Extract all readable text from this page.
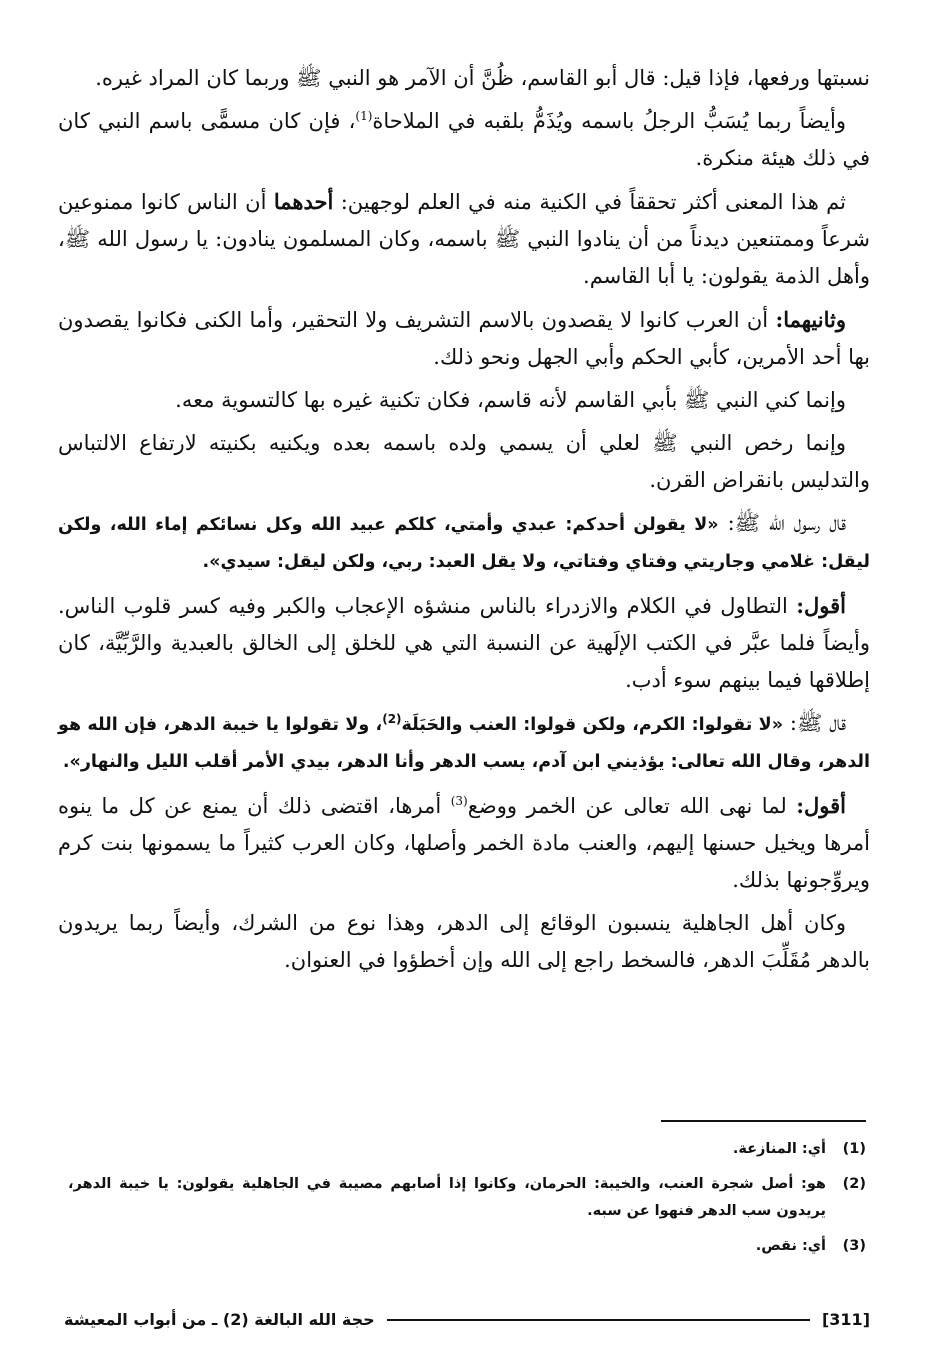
نسبتها ورفعها، فإذا قيل: قال أبو القاسم، ظُنَّ أن الآمر هو النبي ﷺ وربما كان المراد غيره.

وأيضاً ربما يُسَبُّ الرجلُ باسمه ويُذَمُّ بلقبه في الملاحاة$^{(1)}$، فإن كان مسمًّى باسم النبي كان في ذلك هيئة منكرة.

ثم هذا المعنى أكثر تحققاً في الكنية منه في العلم لوجهين: أحدهما أن الناس كانوا ممنوعين شرعاً وممتنعين ديدناً من أن ينادوا النبي ﷺ باسمه، وكان المسلمون ينادون: يا رسول الله ﷺ، وأهل الذمة يقولون: يا أبا القاسم.

وثانيهما: أن العرب كانوا لا يقصدون بالاسم التشريف ولا التحقير، وأما الكنى فكانوا يقصدون بها أحد الأمرين، كأبي الحكم وأبي الجهل ونحو ذلك.

وإنما كني النبي ﷺ بأبي القاسم لأنه قاسم، فكان تكنية غيره بها كالتسوية معه.

وإنما رخص النبي ﷺ لعلي أن يسمي ولده باسمه بعده ويكنيه بكنيته لارتفاع الالتباس والتدليس بانقراض القرن.

قال رسول الله ﷺ: «لا يقولن أحدكم: عبدي وأمتي، كلكم عبيد الله وكل نسائكم إماء الله، ولكن ليقل: غلامي وجاريتي وفتاي وفتاتي، ولا يقل العبد: ربي، ولكن ليقل: سيدي».

أقول: التطاول في الكلام والازدراء بالناس منشؤه الإعجاب والكبر وفيه كسر قلوب الناس. وأيضاً فلما عبَّر في الكتب الإلَهية عن النسبة التي هي للخلق إلى الخالق بالعبدية والرَّبِّيَّة، كان إطلاقها فيما بينهم سوء أدب.

قال ﷺ: «لا تقولوا: الكرم، ولكن قولوا: العنب والحَبَلَة$^{(2)}$، ولا تقولوا يا خيبة الدهر، فإن الله هو الدهر، وقال الله تعالى: يؤذيني ابن آدم، يسب الدهر وأنا الدهر، بيدي الأمر أقلب الليل والنهار».

أقول: لما نهى الله تعالى عن الخمر ووضع$^{(3)}$ أمرها، اقتضى ذلك أن يمنع عن كل ما ينوه أمرها ويخيل حسنها إليهم، والعنب مادة الخمر وأصلها، وكان العرب كثيراً ما يسمونها بنت كرم ويروِّجونها بذلك.

وكان أهل الجاهلية ينسبون الوقائع إلى الدهر، وهذا نوع من الشرك، وأيضاً ربما يريدون بالدهر مُقَلِّبَ الدهر، فالسخط راجع إلى الله وإن أخطؤوا في العنوان.

(1)
أي: المنازعة.
(2)
هو: أصل شجرة العنب، والخيبة: الحرمان، وكانوا إذا أصابهم مصيبة في الجاهلية يقولون: يا خيبة الدهر، يريدون سب الدهر فنهوا عن سبه.
(3)
أي: نقص.
[311]
حجة الله البالغة (2) ـ من أبواب المعيشة
